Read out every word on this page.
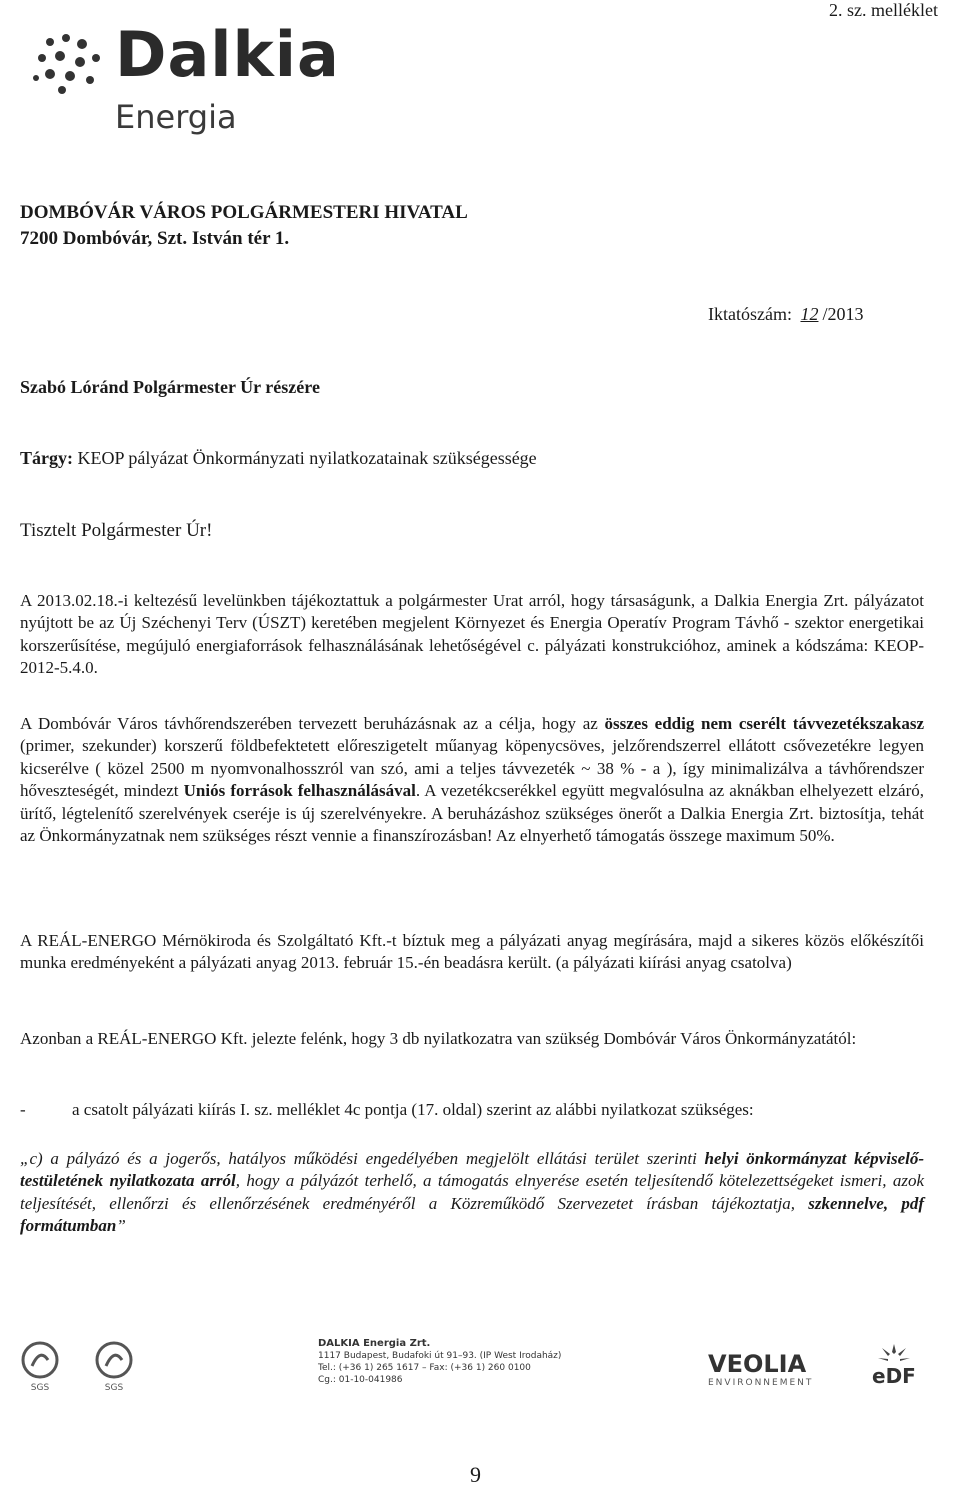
2. sz. melléklet
Dalkia
Energia
DOMBÓVÁR VÁROS POLGÁRMESTERI HIVATAL
7200 Dombóvár, Szt. István tér 1.
Iktatószám: 12 /2013
Szabó Lóránd Polgármester Úr részére
Tárgy: KEOP pályázat Önkormányzati nyilatkozatainak szükségessége
Tisztelt Polgármester Úr!
A 2013.02.18.-i keltezésű levelünkben tájékoztattuk a polgármester Urat arról, hogy társaságunk, a Dalkia Energia Zrt. pályázatot nyújtott be az Új Széchenyi Terv (ÚSZT) keretében megjelent Környezet és Energia Operatív Program Távhő - szektor energetikai korszerűsítése, megújuló energiaforrások felhasználásának lehetőségével c. pályázati konstrukcióhoz, aminek a kódszáma: KEOP-2012-5.4.0.
A Dombóvár Város távhőrendszerében tervezett beruházásnak az a célja, hogy az összes eddig nem cserélt távvezetékszakasz (primer, szekunder) korszerű földbefektetett előreszigetelt műanyag köpenycsöves, jelzőrendszerrel ellátott csővezetékre legyen kicserélve ( közel 2500 m nyomvonalhosszról van szó, ami a teljes távvezeték ~ 38 % - a ), így minimalizálva a távhőrendszer hőveszteségét, mindezt Uniós források felhasználásával. A vezetékcserékkel együtt megvalósulna az aknákban elhelyezett elzáró, ürítő, légtelenítő szerelvények cseréje is új szerelvényekre. A beruházáshoz szükséges önerőt a Dalkia Energia Zrt. biztosítja, tehát az Önkormányzatnak nem szükséges részt vennie a finanszírozásban! Az elnyerhető támogatás összege maximum 50%.
A REÁL-ENERGO Mérnökiroda és Szolgáltató Kft.-t bíztuk meg a pályázati anyag megírására, majd a sikeres közös előkészítői munka eredményeként a pályázati anyag 2013. február 15.-én beadásra került. (a pályázati kiírási anyag csatolva)
Azonban a REÁL-ENERGO Kft. jelezte felénk, hogy 3 db nyilatkozatra van szükség Dombóvár Város Önkormányzatától:
-	a csatolt pályázati kiírás I. sz. melléklet 4c pontja (17. oldal) szerint az alábbi nyilatkozat szükséges:
„c) a pályázó és a jogerős, hatályos működési engedélyében megjelölt ellátási terület szerinti helyi önkormányzat képviselő-testületének nyilatkozata arról, hogy a pályázót terhelő, a támogatás elnyerése esetén teljesítendő kötelezettségeket ismeri, azok teljesítését, ellenőrzi és ellenőrzésének eredményéről a Közreműködő Szervezetet írásban tájékoztatja, szkennelve, pdf formátumban”
SGS	SGS
DALKIA Energia Zrt.
1117 Budapest, Budafoki út 91–93. (IP West Irodaház)
Tel.: (+36 1) 265 1617 – Fax: (+36 1) 260 0100
Cg.: 01-10-041986
VEOLIA
ENVIRONNEMENT	eDF
9
